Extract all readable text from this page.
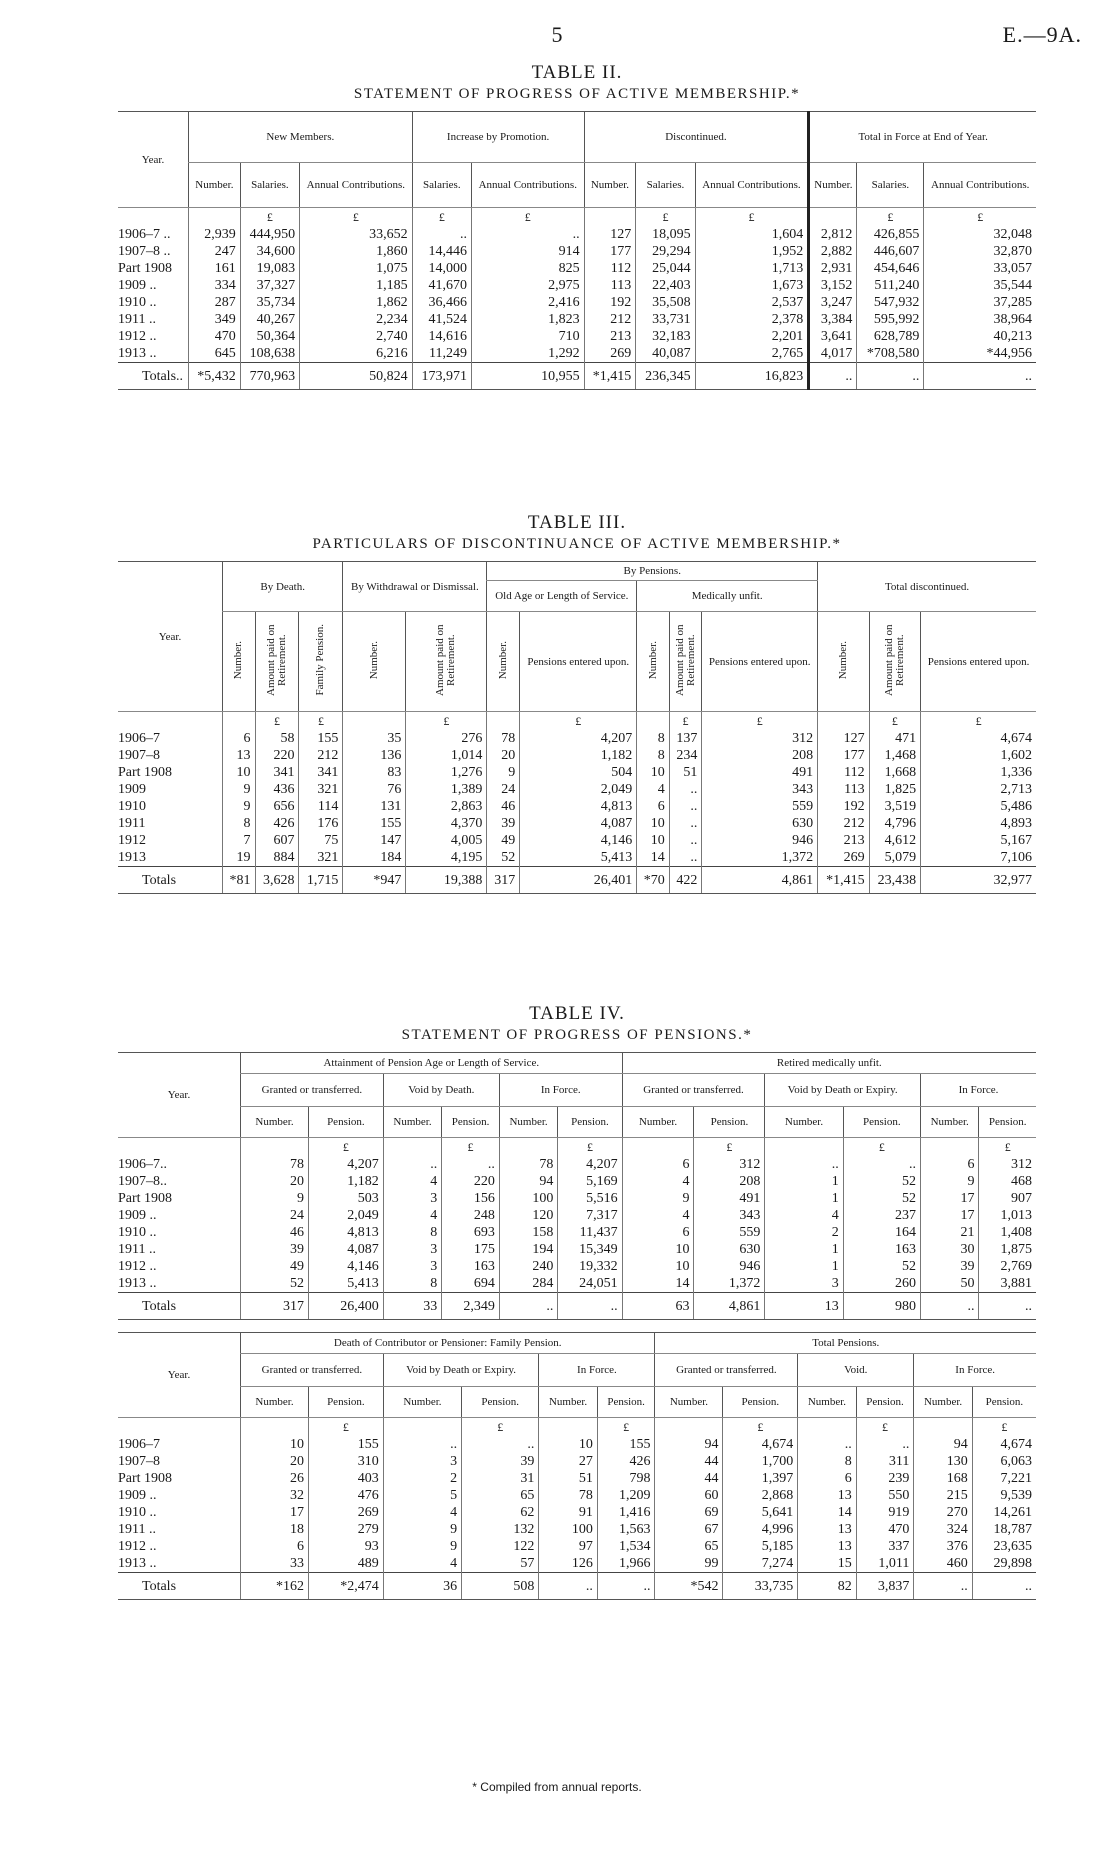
5	E.—9A.
TABLE II.
STATEMENT OF PROGRESS OF ACTIVE MEMBERSHIP.*
Year.	New Members.			Increase by Promotion.		Discontinued.			Total in Force at End of Year.		
	Number.	Salaries.	Annual Contributions.	Salaries.	Annual Contributions.	Number.	Salaries.	Annual Contributions.	Number.	Salaries.	Annual Contributions.
		£	£	£	£		£	£		£	£
1906–7 ..	2,939	444,950	33,652	..	..	127	18,095	1,604	2,812	426,855	32,048
1907–8 ..	247	34,600	1,860	14,446	914	177	29,294	1,952	2,882	446,607	32,870
Part 1908	161	19,083	1,075	14,000	825	112	25,044	1,713	2,931	454,646	33,057
1909 ..	334	37,327	1,185	41,670	2,975	113	22,403	1,673	3,152	511,240	35,544
1910 ..	287	35,734	1,862	36,466	2,416	192	35,508	2,537	3,247	547,932	37,285
1911 ..	349	40,267	2,234	41,524	1,823	212	33,731	2,378	3,384	595,992	38,964
1912 ..	470	50,364	2,740	14,616	710	213	32,183	2,201	3,641	628,789	40,213
1913 ..	645	108,638	6,216	11,249	1,292	269	40,087	2,765	4,017	*708,580	*44,956
Totals..	*5,432	770,963	50,824	173,971	10,955	*1,415	236,345	16,823	..	..	..
TABLE III.
PARTICULARS OF DISCONTINUANCE OF ACTIVE MEMBERSHIP.*
Year.	By Death.			By Withdrawal or Dismissal.		By Pensions.					Total discontinued.		
						Old Age or Length of Service.		Medically unfit.					
	Number.	Amount paid on Retirement.	Family Pension.	Number.	Amount paid on Retirement.	Number.	Pensions entered upon.	Number.	Amount paid on Retirement.	Pensions entered upon.	Number.	Amount paid on Retirement.	Pensions entered upon.
		£	£		£		£		£	£		£	£
1906–7	6	58	155	35	276	78	4,207	8	137	312	127	471	4,674
1907–8	13	220	212	136	1,014	20	1,182	8	234	208	177	1,468	1,602
Part 1908	10	341	341	83	1,276	9	504	10	51	491	112	1,668	1,336
1909	9	436	321	76	1,389	24	2,049	4	..	343	113	1,825	2,713
1910	9	656	114	131	2,863	46	4,813	6	..	559	192	3,519	5,486
1911	8	426	176	155	4,370	39	4,087	10	..	630	212	4,796	4,893
1912	7	607	75	147	4,005	49	4,146	10	..	946	213	4,612	5,167
1913	19	884	321	184	4,195	52	5,413	14	..	1,372	269	5,079	7,106
Totals	*81	3,628	1,715	*947	19,388	317	26,401	*70	422	4,861	*1,415	23,438	32,977
TABLE IV.
STATEMENT OF PROGRESS OF PENSIONS.*
Year.	Attainment of Pension Age or Length of Service.						Retired medically unfit.					
	Granted or transferred.		Void by Death.		In Force.		Granted or transferred.		Void by Death or Expiry.		In Force.	
	Number.	Pension.	Number.	Pension.	Number.	Pension.	Number.	Pension.	Number.	Pension.	Number.	Pension.
		£		£		£		£		£		£
1906–7..	78	4,207	..	..	78	4,207	6	312	..	..	6	312
1907–8..	20	1,182	4	220	94	5,169	4	208	1	52	9	468
Part 1908	9	503	3	156	100	5,516	9	491	1	52	17	907
1909 ..	24	2,049	4	248	120	7,317	4	343	4	237	17	1,013
1910 ..	46	4,813	8	693	158	11,437	6	559	2	164	21	1,408
1911 ..	39	4,087	3	175	194	15,349	10	630	1	163	30	1,875
1912 ..	49	4,146	3	163	240	19,332	10	946	1	52	39	2,769
1913 ..	52	5,413	8	694	284	24,051	14	1,372	3	260	50	3,881
Totals	317	26,400	33	2,349	..	..	63	4,861	13	980	..	..
Year.	Death of Contributor or Pensioner: Family Pension.						Total Pensions.					
	Granted or transferred.		Void by Death or Expiry.		In Force.		Granted or transferred.		Void.		In Force.	
	Number.	Pension.	Number.	Pension.	Number.	Pension.	Number.	Pension.	Number.	Pension.	Number.	Pension.
		£		£		£		£		£		£
1906–7	10	155	..	..	10	155	94	4,674	..	..	94	4,674
1907–8	20	310	3	39	27	426	44	1,700	8	311	130	6,063
Part 1908	26	403	2	31	51	798	44	1,397	6	239	168	7,221
1909 ..	32	476	5	65	78	1,209	60	2,868	13	550	215	9,539
1910 ..	17	269	4	62	91	1,416	69	5,641	14	919	270	14,261
1911 ..	18	279	9	132	100	1,563	67	4,996	13	470	324	18,787
1912 ..	6	93	9	122	97	1,534	65	5,185	13	337	376	23,635
1913 ..	33	489	4	57	126	1,966	99	7,274	15	1,011	460	29,898
Totals	*162	*2,474	36	508	..	..	*542	33,735	82	3,837	..	..
* Compiled from annual reports.
